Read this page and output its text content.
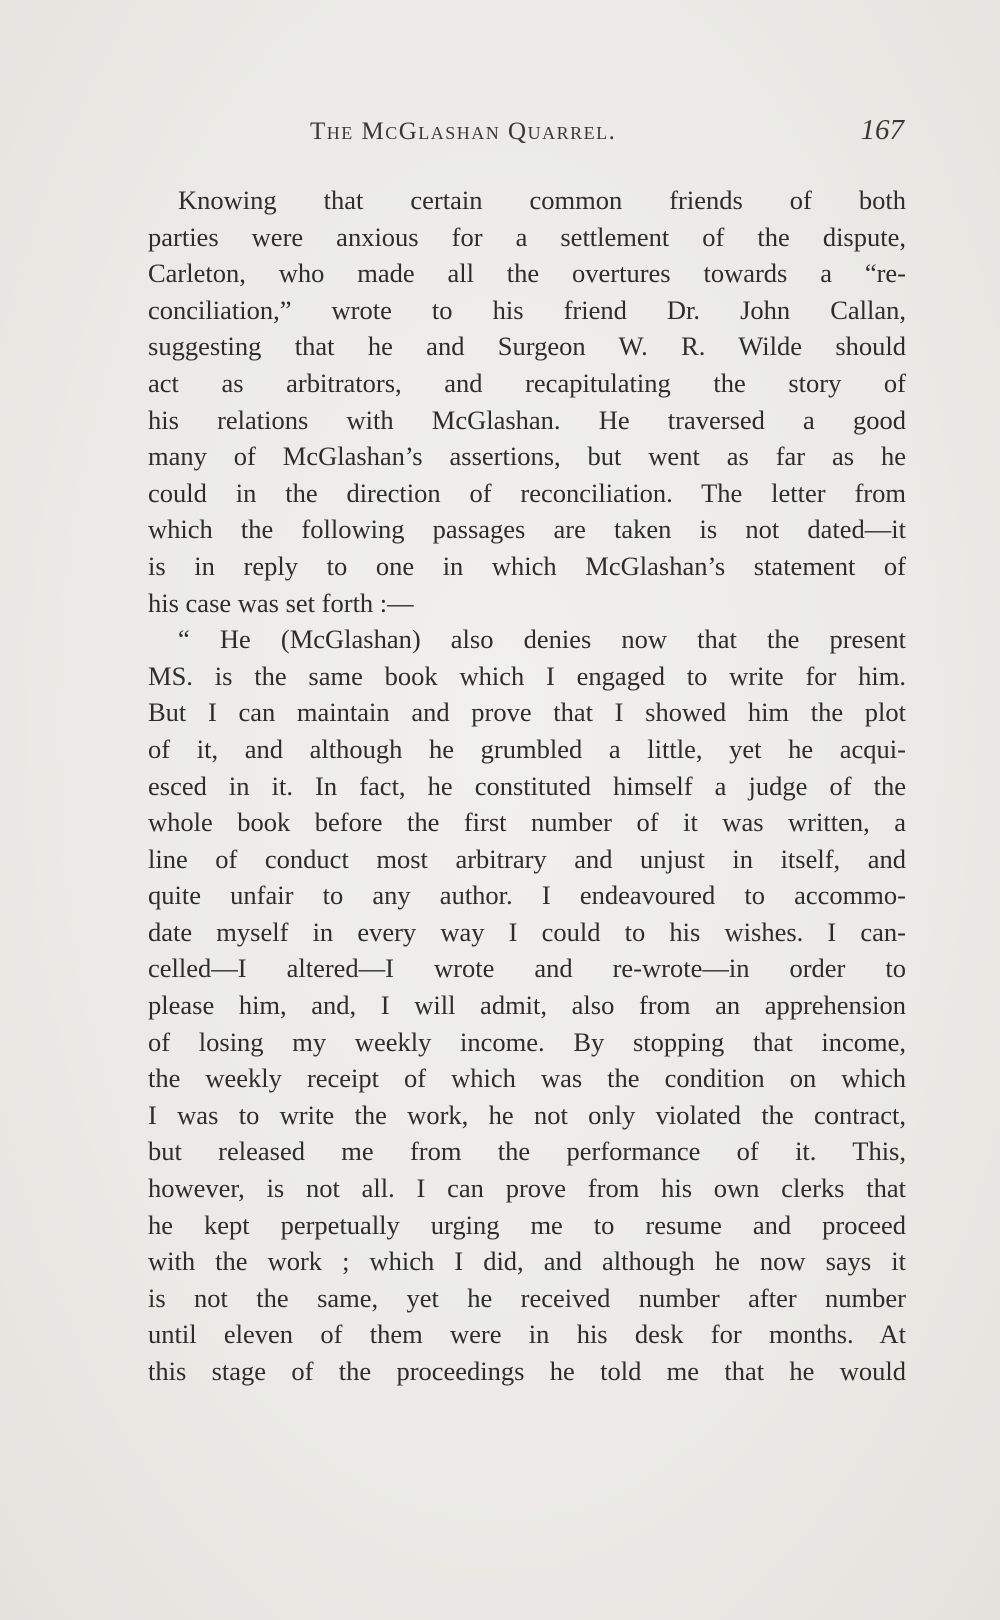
The McGlashan Quarrel.	167
Knowing that certain common friends of both
parties were anxious for a settlement of the dispute,
Carleton, who made all the overtures towards a “re-
conciliation,” wrote to his friend Dr. John Callan,
suggesting that he and Surgeon W. R. Wilde should
act as arbitrators, and recapitulating the story of
his relations with McGlashan. He traversed a good
many of McGlashan’s assertions, but went as far as he
could in the direction of reconciliation. The letter from
which the following passages are taken is not dated—it
is in reply to one in which McGlashan’s statement of
his case was set forth :—
“ He (McGlashan) also denies now that the present
MS. is the same book which I engaged to write for him.
But I can maintain and prove that I showed him the plot
of it, and although he grumbled a little, yet he acqui-
esced in it. In fact, he constituted himself a judge of the
whole book before the first number of it was written, a
line of conduct most arbitrary and unjust in itself, and
quite unfair to any author. I endeavoured to accommo-
date myself in every way I could to his wishes. I can-
celled—I altered—I wrote and re-wrote—in order to
please him, and, I will admit, also from an apprehension
of losing my weekly income. By stopping that income,
the weekly receipt of which was the condition on which
I was to write the work, he not only violated the contract,
but released me from the performance of it. This,
however, is not all. I can prove from his own clerks that
he kept perpetually urging me to resume and proceed
with the work ; which I did, and although he now says it
is not the same, yet he received number after number
until eleven of them were in his desk for months. At
this stage of the proceedings he told me that he would
